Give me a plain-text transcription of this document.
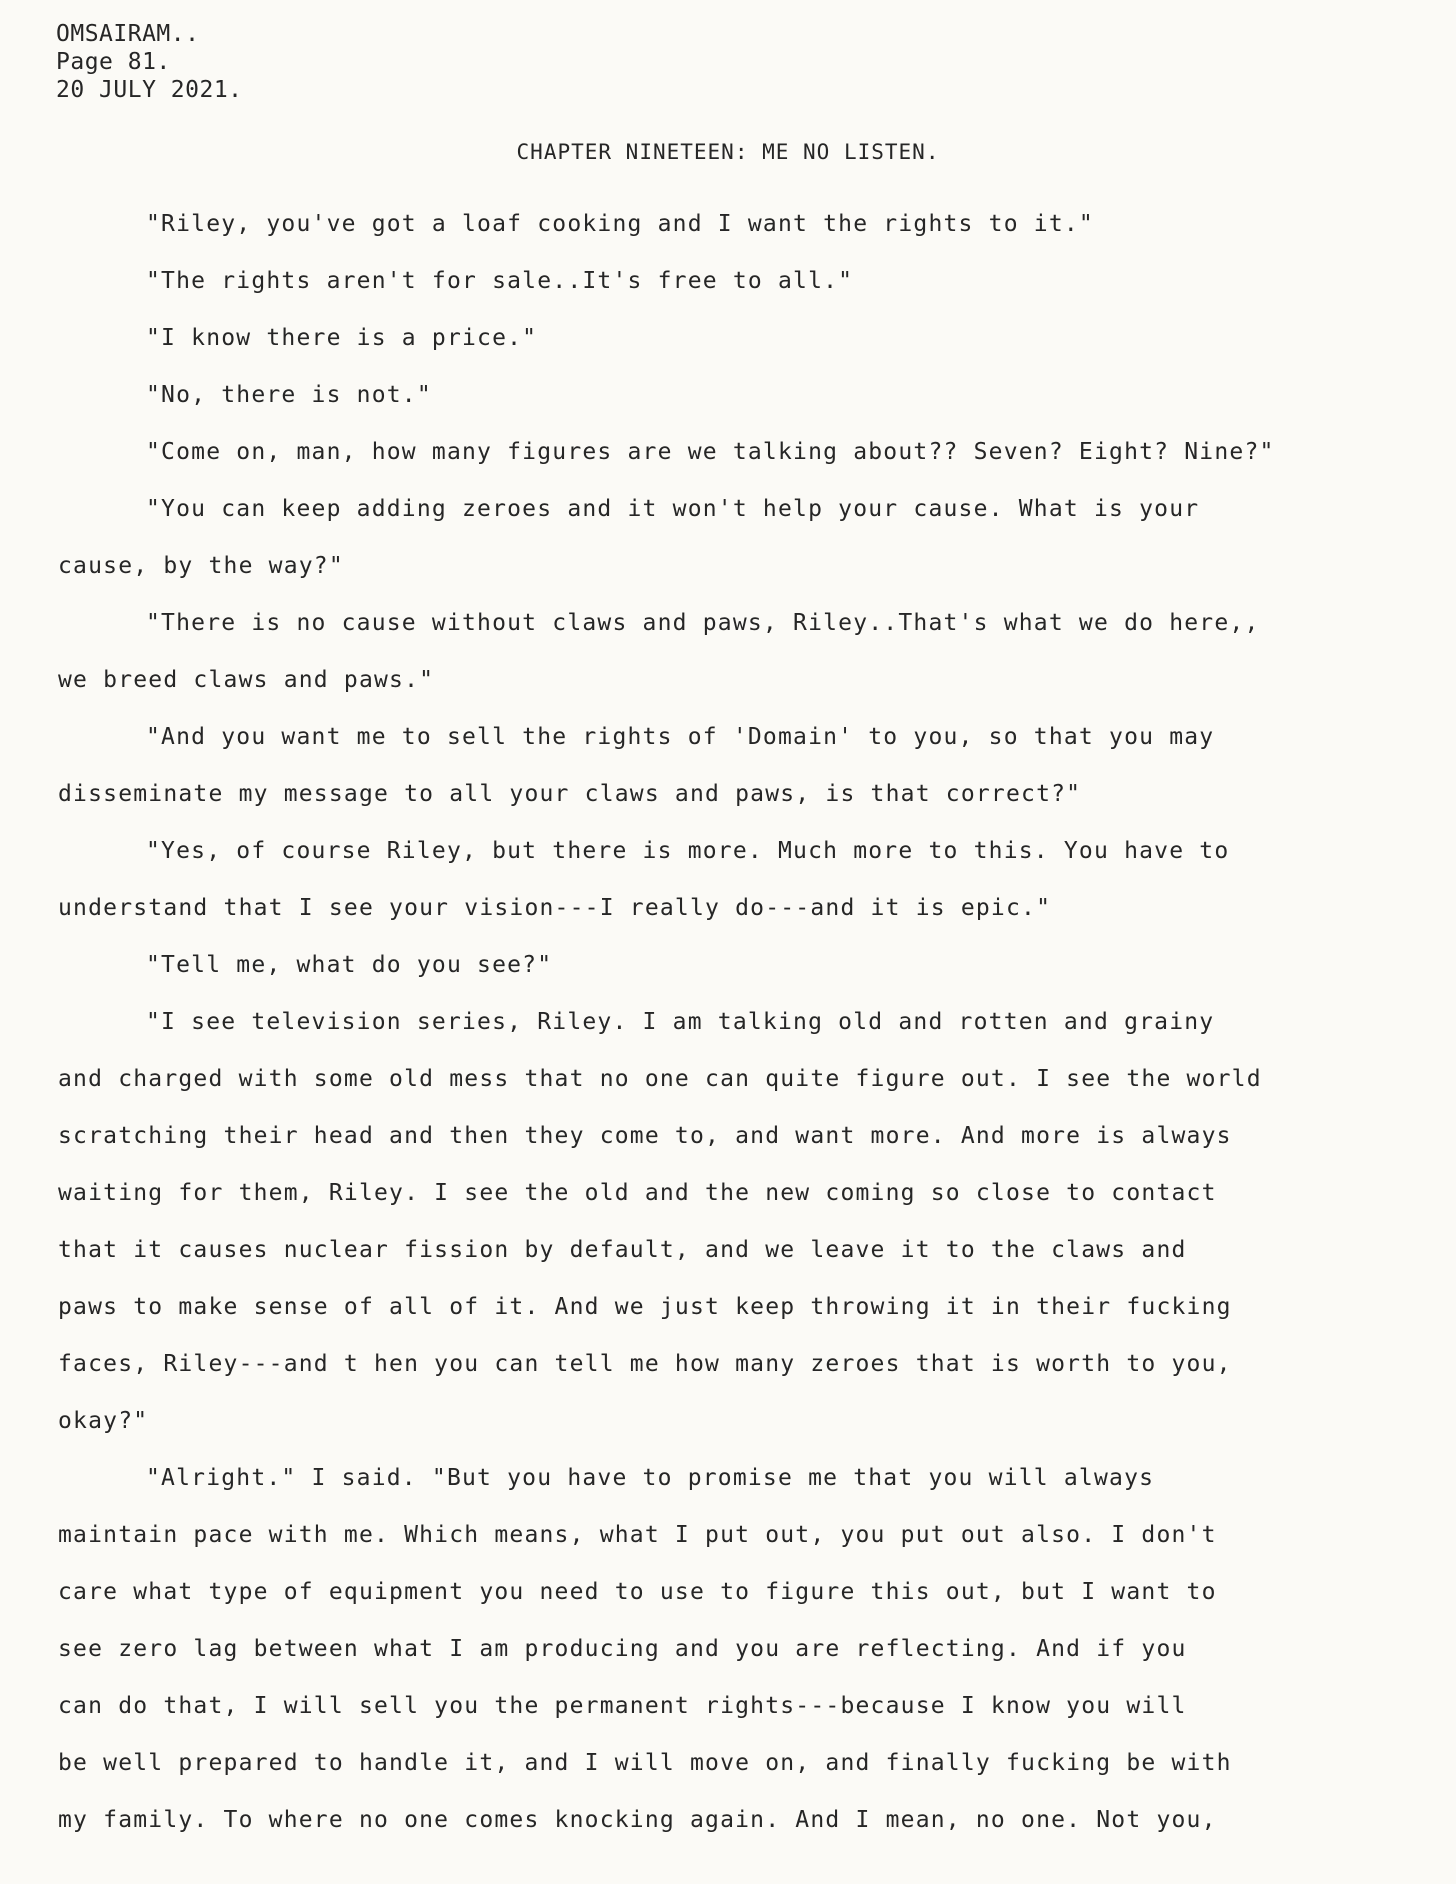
OMSAIRAM..
Page 81.
20 JULY 2021.
CHAPTER NINETEEN: ME NO LISTEN.
"Riley, you've got a loaf cooking and I want the rights to it."
"The rights aren't for sale..It's free to all."
"I know there is a price."
"No, there is not."
"Come on, man, how many figures are we talking about?? Seven? Eight? Nine?"
"You can keep adding zeroes and it won't help your cause. What is your
cause, by the way?"
"There is no cause without claws and paws, Riley..That's what we do here,,
we breed claws and paws."
"And you want me to sell the rights of 'Domain' to you, so that you may
disseminate my message to all your claws and paws, is that correct?"
"Yes, of course Riley, but there is more. Much more to this. You have to
understand that I see your vision---I really do---and it is epic."
"Tell me, what do you see?"
"I see television series, Riley. I am talking old and rotten and grainy
and charged with some old mess that no one can quite figure out. I see the world
scratching their head and then they come to, and want more. And more is always
waiting for them, Riley. I see the old and the new coming so close to contact
that it causes nuclear fission by default, and we leave it to the claws and
paws to make sense of all of it. And we just keep throwing it in their fucking
faces, Riley---and t hen you can tell me how many zeroes that is worth to you,
okay?"
"Alright." I said. "But you have to promise me that you will always
maintain pace with me. Which means, what I put out, you put out also. I don't
care what type of equipment you need to use to figure this out, but I want to
see zero lag between what I am producing and you are reflecting. And if you
can do that, I will sell you the permanent rights---because I know you will
be well prepared to handle it, and I will move on, and finally fucking be with
my family. To where no one comes knocking again. And I mean, no one. Not you,
